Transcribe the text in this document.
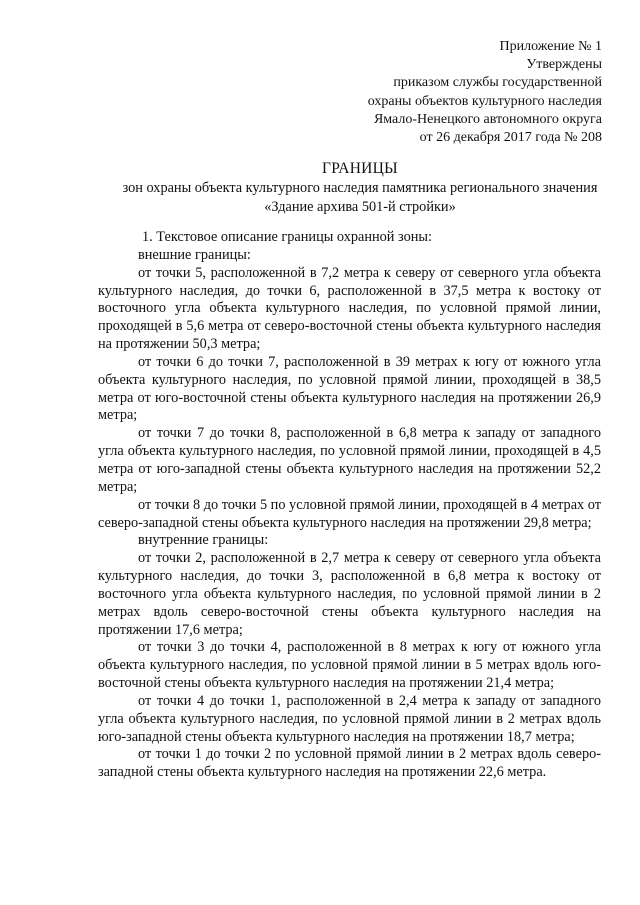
Приложение № 1
Утверждены
приказом службы государственной
охраны объектов культурного наследия
Ямало-Ненецкого автономного округа
от 26 декабря 2017 года № 208
ГРАНИЦЫ
зон охраны объекта культурного наследия памятника регионального значения «Здание архива 501-й стройки»

1. Текстовое описание границы охранной зоны:

внешние границы:

от точки 5, расположенной в 7,2 метра к северу от северного угла объекта культурного наследия, до точки 6, расположенной в 37,5 метра к востоку от восточного угла объекта культурного наследия, по условной прямой линии, проходящей в 5,6 метра от северо-восточной стены объекта культурного наследия на протяжении 50,3 метра;

от точки 6 до точки 7, расположенной в 39 метрах к югу от южного угла объекта культурного наследия, по условной прямой линии, проходящей в 38,5 метра от юго-восточной стены объекта культурного наследия на протяжении 26,9 метра;

от точки 7 до точки 8, расположенной в 6,8 метра к западу от западного угла объекта культурного наследия, по условной прямой линии, проходящей в 4,5 метра от юго-западной стены объекта культурного наследия на протяжении 52,2 метра;

от точки 8 до точки 5 по условной прямой линии, проходящей в 4 метрах от северо-западной стены объекта культурного наследия на протяжении 29,8 метра;

внутренние границы:

от точки 2, расположенной в 2,7 метра к северу от северного угла объекта культурного наследия, до точки 3, расположенной в 6,8 метра к востоку от восточного угла объекта культурного наследия, по условной прямой линии в 2 метрах вдоль северо-восточной стены объекта культурного наследия на протяжении 17,6 метра;

от точки 3 до точки 4, расположенной в 8 метрах к югу от южного угла объекта культурного наследия, по условной прямой линии в 5 метрах вдоль юго-восточной стены объекта культурного наследия на протяжении 21,4 метра;

от точки 4 до точки 1, расположенной в 2,4 метра к западу от западного угла объекта культурного наследия, по условной прямой линии в 2 метрах вдоль юго-западной стены объекта культурного наследия на протяжении 18,7 метра;

от точки 1 до точки 2 по условной прямой линии в 2 метрах вдоль северо-западной стены объекта культурного наследия на протяжении 22,6 метра.
